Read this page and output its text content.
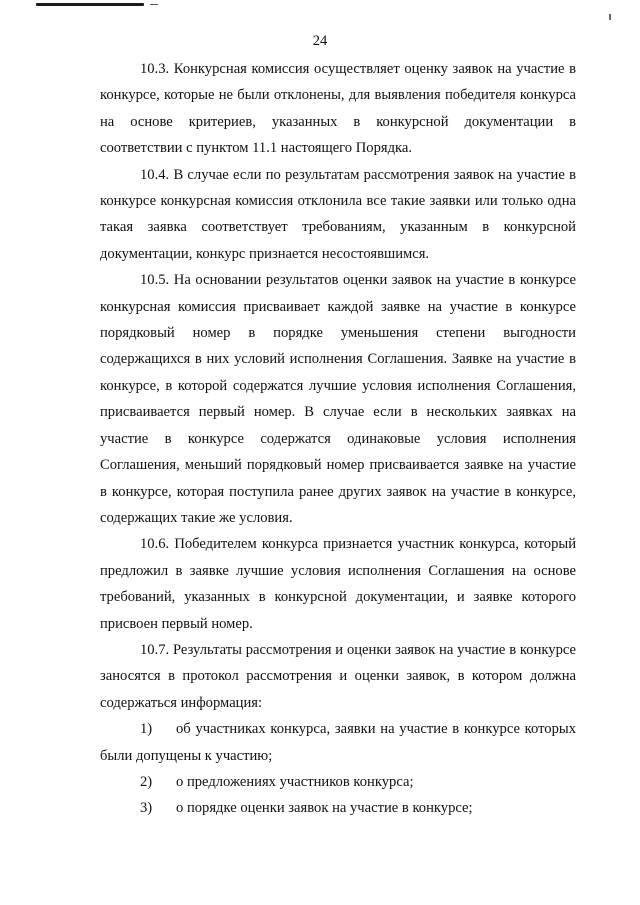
24

10.3. Конкурсная комиссия осуществляет оценку заявок на участие в конкурсе, которые не были отклонены, для выявления победителя конкурса на основе критериев, указанных в конкурсной документации в соответствии с пунктом 11.1 настоящего Порядка.

10.4. В случае если по результатам рассмотрения заявок на участие в конкурсе конкурсная комиссия отклонила все такие заявки или только одна такая заявка соответствует требованиям, указанным в конкурсной документации, конкурс признается несостоявшимся.

10.5. На основании результатов оценки заявок на участие в конкурсе конкурсная комиссия присваивает каждой заявке на участие в конкурсе порядковый номер в порядке уменьшения степени выгодности содержащихся в них условий исполнения Соглашения. Заявке на участие в конкурсе, в которой содержатся лучшие условия исполнения Соглашения, присваивается первый номер. В случае если в нескольких заявках на участие в конкурсе содержатся одинаковые условия исполнения Соглашения, меньший порядковый номер присваивается заявке на участие в конкурсе, которая поступила ранее других заявок на участие в конкурсе, содержащих такие же условия.

10.6. Победителем конкурса признается участник конкурса, который предложил в заявке лучшие условия исполнения Соглашения на основе требований, указанных в конкурсной документации, и заявке которого присвоен первый номер.

10.7. Результаты рассмотрения и оценки заявок на участие в конкурсе заносятся в протокол рассмотрения и оценки заявок, в котором должна содержаться информация:

1) об участниках конкурса, заявки на участие в конкурсе которых были допущены к участию;

2) о предложениях участников конкурса;

3) о порядке оценки заявок на участие в конкурсе;
